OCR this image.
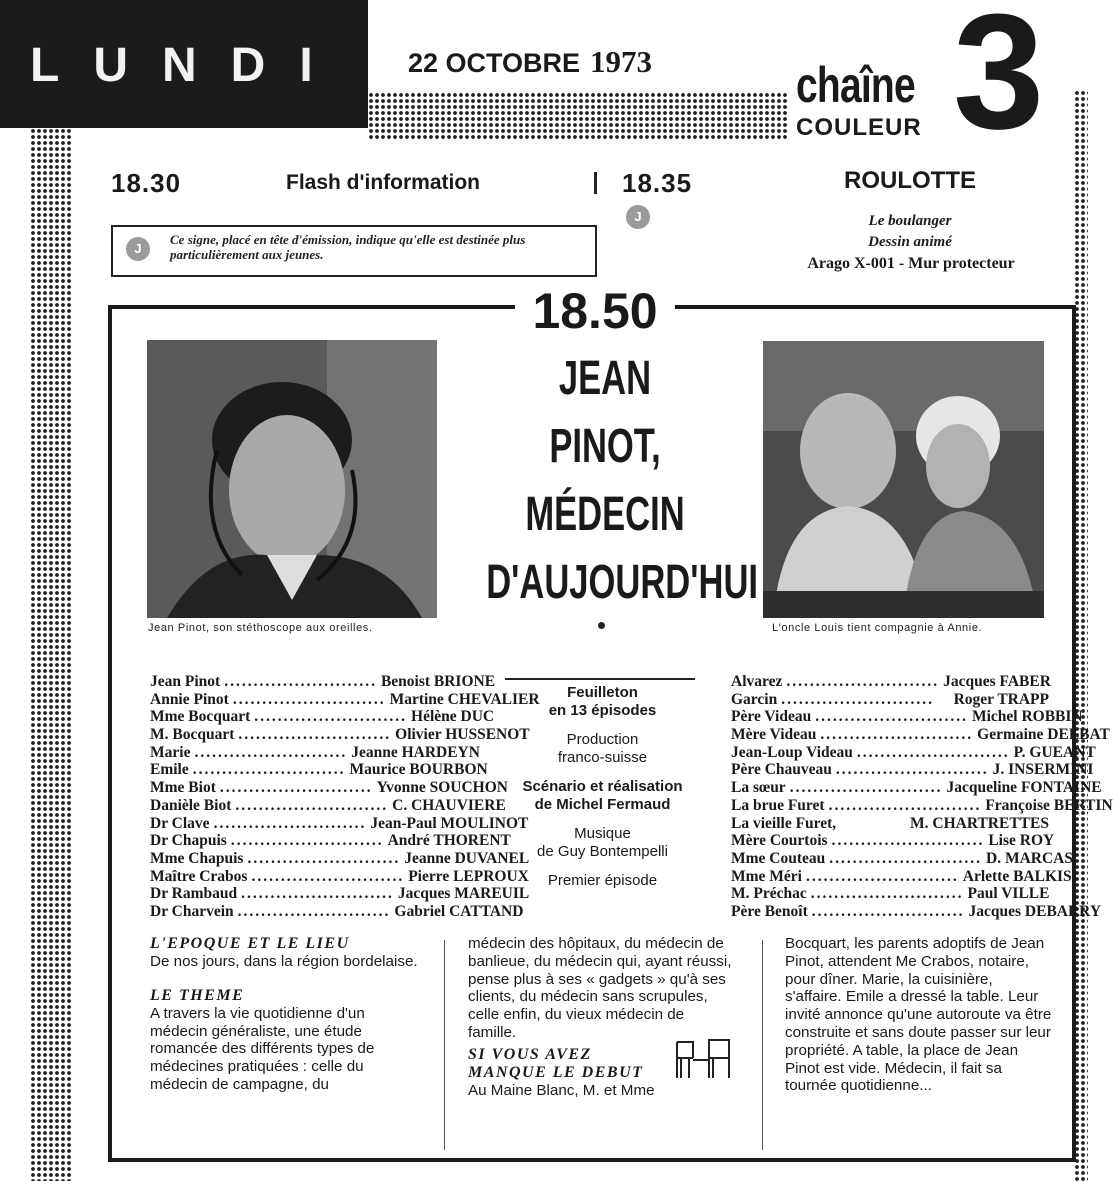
LUNDI 22 OCTOBRE 1973	chaîne
COULEUR 3
18.30	Flash d'information
J
Ce signe, placé en tête d'émission, indique qu'elle est destinée plus particulièrement aux jeunes.
18.35
J
ROULOTTE
Le boulanger
Dessin animé
Arago X-001 - Mur protecteur
18.50
JEAN
PINOT,
MÉDECIN
D'AUJOURD'HUI
Jean Pinot, son stéthoscope aux oreilles.	L'oncle Louis tient compagnie à Annie.
Jean Pinot .......................... Benoist BRIONE
Annie Pinot .......................... Martine CHEVALIER
Mme Bocquart .......................... Hélène DUC
M. Bocquart .......................... Olivier HUSSENOT
Marie .......................... Jeanne HARDEYN
Emile .......................... Maurice BOURBON
Mme Biot .......................... Yvonne SOUCHON
Danièle Biot .......................... C. CHAUVIERE
Dr Clave .......................... Jean-Paul MOULINOT
Dr Chapuis .......................... André THORENT
Mme Chapuis .......................... Jeanne DUVANEL
Maître Crabos .......................... Pierre LEPROUX
Dr Rambaud .......................... Jacques MAREUIL
Dr Charvein .......................... Gabriel CATTAND
Feuilleton
en 13 épisodes
Production
franco-suisse
Scénario et réalisation
de Michel Fermaud
Musique
de Guy Bontempelli
Premier épisode
Alvarez .......................... Jacques FABER
Garcin ..........................	Roger TRAPP
Père Videau .......................... Michel ROBBIN
Mère Videau .......................... Germaine DELBAT
Jean-Loup Videau .......................... P. GUEANT
Père Chauveau .......................... J. INSERMINI
La sœur .......................... Jacqueline FONTAINE
La brue Furet .......................... Françoise BERTIN
La vieille Furet,	M. CHARTRETTES
Mère Courtois .......................... Lise ROY
Mme Couteau .......................... D. MARCAS
Mme Méri .......................... Arlette BALKIS
M. Préchac .......................... Paul VILLE
Père Benoît .......................... Jacques DEBARRY
L'EPOQUE ET LE LIEU
De nos jours, dans la région bordelaise.
LE THEME
A travers la vie quotidienne d'un médecin généraliste, une étude romancée des différents types de médecines pratiquées : celle du médecin de campagne, du
médecin des hôpitaux, du médecin de banlieue, du médecin qui, ayant réussi, pense plus à ses « gadgets » qu'à ses clients, du médecin sans scrupules, celle enfin, du vieux médecin de famille.
SI VOUS AVEZ
MANQUE LE DEBUT
Au Maine Blanc, M. et Mme
Bocquart, les parents adoptifs de Jean Pinot, attendent Me Crabos, notaire, pour dîner. Marie, la cuisinière, s'affaire. Emile a dressé la table. Leur invité annonce qu'une autoroute va être construite et sans doute passer sur leur propriété. A table, la place de Jean Pinot est vide. Médecin, il fait sa tournée quotidienne...
